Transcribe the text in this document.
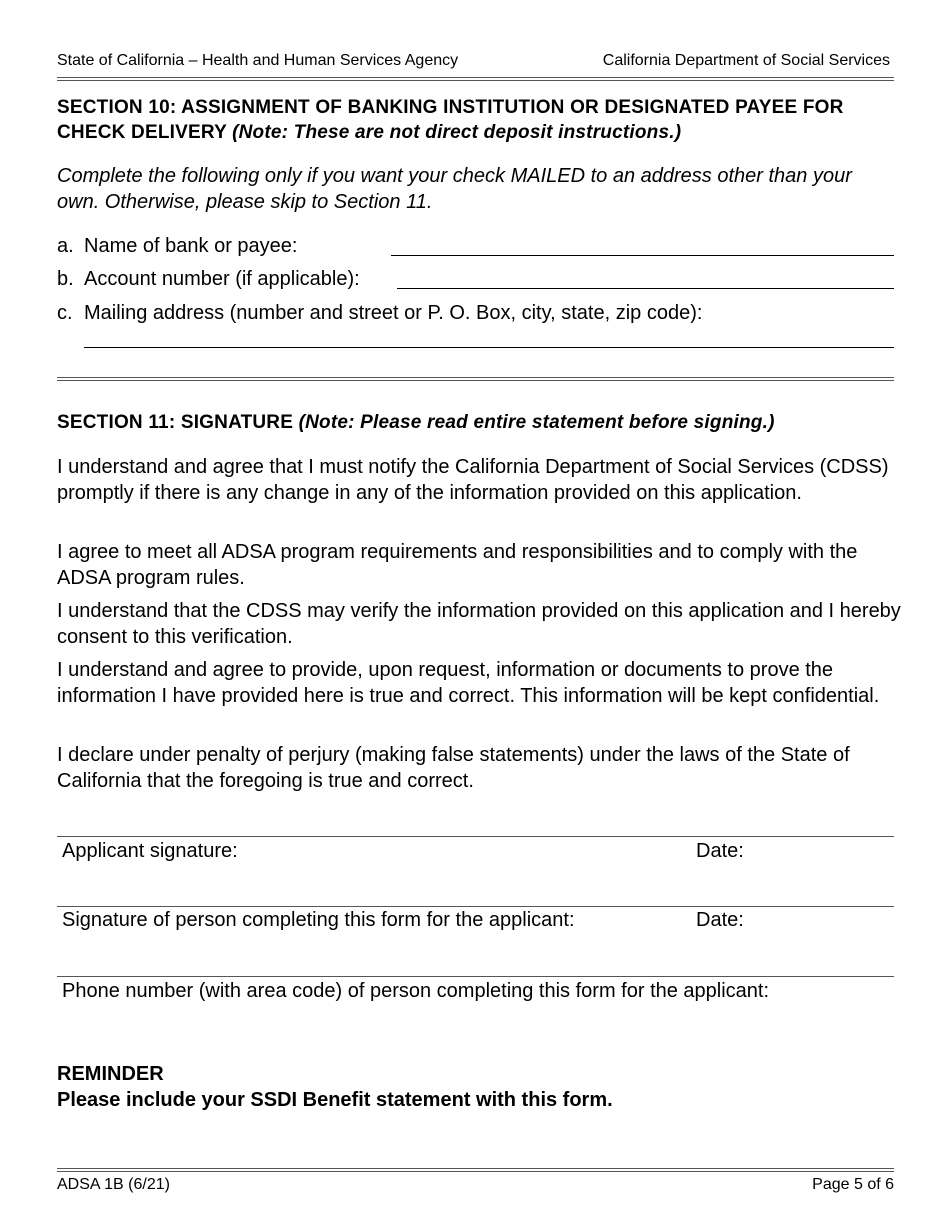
State of California – Health and Human Services Agency	California Department of Social Services
SECTION 10: ASSIGNMENT OF BANKING INSTITUTION OR DESIGNATED PAYEE FOR CHECK DELIVERY (Note: These are not direct deposit instructions.)
Complete the following only if you want your check MAILED to an address other than your own. Otherwise, please skip to Section 11.
a. Name of bank or payee:
b. Account number (if applicable):
c. Mailing address (number and street or P. O. Box, city, state, zip code):
SECTION 11: SIGNATURE (Note: Please read entire statement before signing.)
I understand and agree that I must notify the California Department of Social Services (CDSS) promptly if there is any change in any of the information provided on this application.
I agree to meet all ADSA program requirements and responsibilities and to comply with the ADSA program rules.
I understand that the CDSS may verify the information provided on this application and I hereby consent to this verification.
I understand and agree to provide, upon request, information or documents to prove the information I have provided here is true and correct. This information will be kept confidential.
I declare under penalty of perjury (making false statements) under the laws of the State of California that the foregoing is true and correct.
Applicant signature:	Date:
Signature of person completing this form for the applicant:	Date:
Phone number (with area code) of person completing this form for the applicant:
REMINDER
Please include your SSDI Benefit statement with this form.
ADSA 1B (6/21)	Page 5 of 6
